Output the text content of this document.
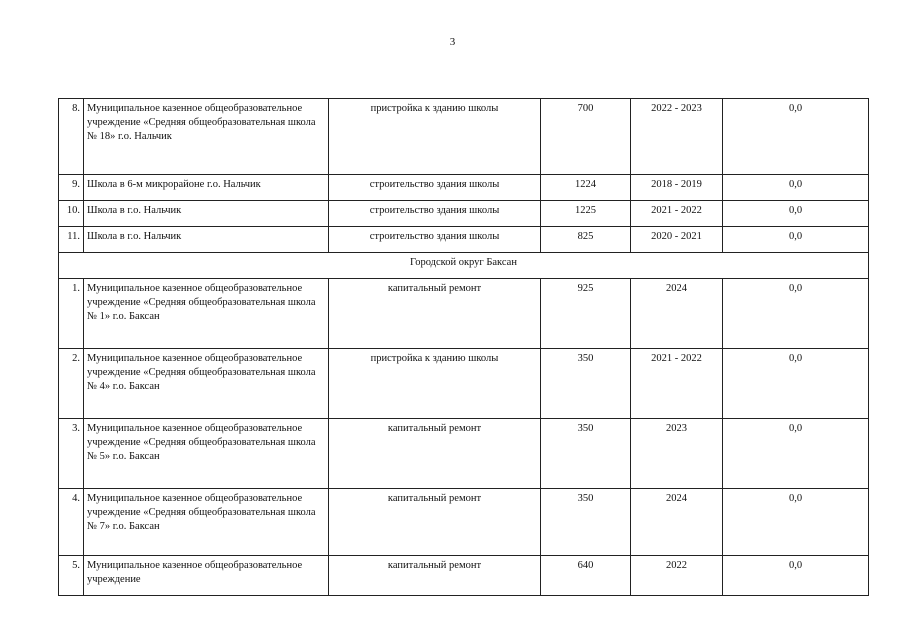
3
8.	Муниципальное казенное общеобразовательное учреждение «Средняя общеобразовательная школа № 18» г.о. Нальчик	пристройка к зданию школы	700	2022 - 2023	0,0
9.	Школа в 6-м микрорайоне г.о. Нальчик	строительство здания школы	1224	2018 - 2019	0,0
10.	Школа в г.о. Нальчик	строительство здания школы	1225	2021 - 2022	0,0
11.	Школа в г.о. Нальчик	строительство здания школы	825	2020 - 2021	0,0
Городской округ Баксан					
1.	Муниципальное казенное общеобразовательное учреждение «Средняя общеобразовательная школа № 1» г.о. Баксан	капитальный ремонт	925	2024	0,0
2.	Муниципальное казенное общеобразовательное учреждение «Средняя общеобразовательная школа № 4» г.о. Баксан	пристройка к зданию школы	350	2021 - 2022	0,0
3.	Муниципальное казенное общеобразовательное учреждение «Средняя общеобразовательная школа № 5» г.о. Баксан	капитальный ремонт	350	2023	0,0
4.	Муниципальное казенное общеобразовательное учреждение «Средняя общеобразовательная школа № 7» г.о. Баксан	капитальный ремонт	350	2024	0,0
5.	Муниципальное казенное общеобразовательное учреждение	капитальный ремонт	640	2022	0,0
